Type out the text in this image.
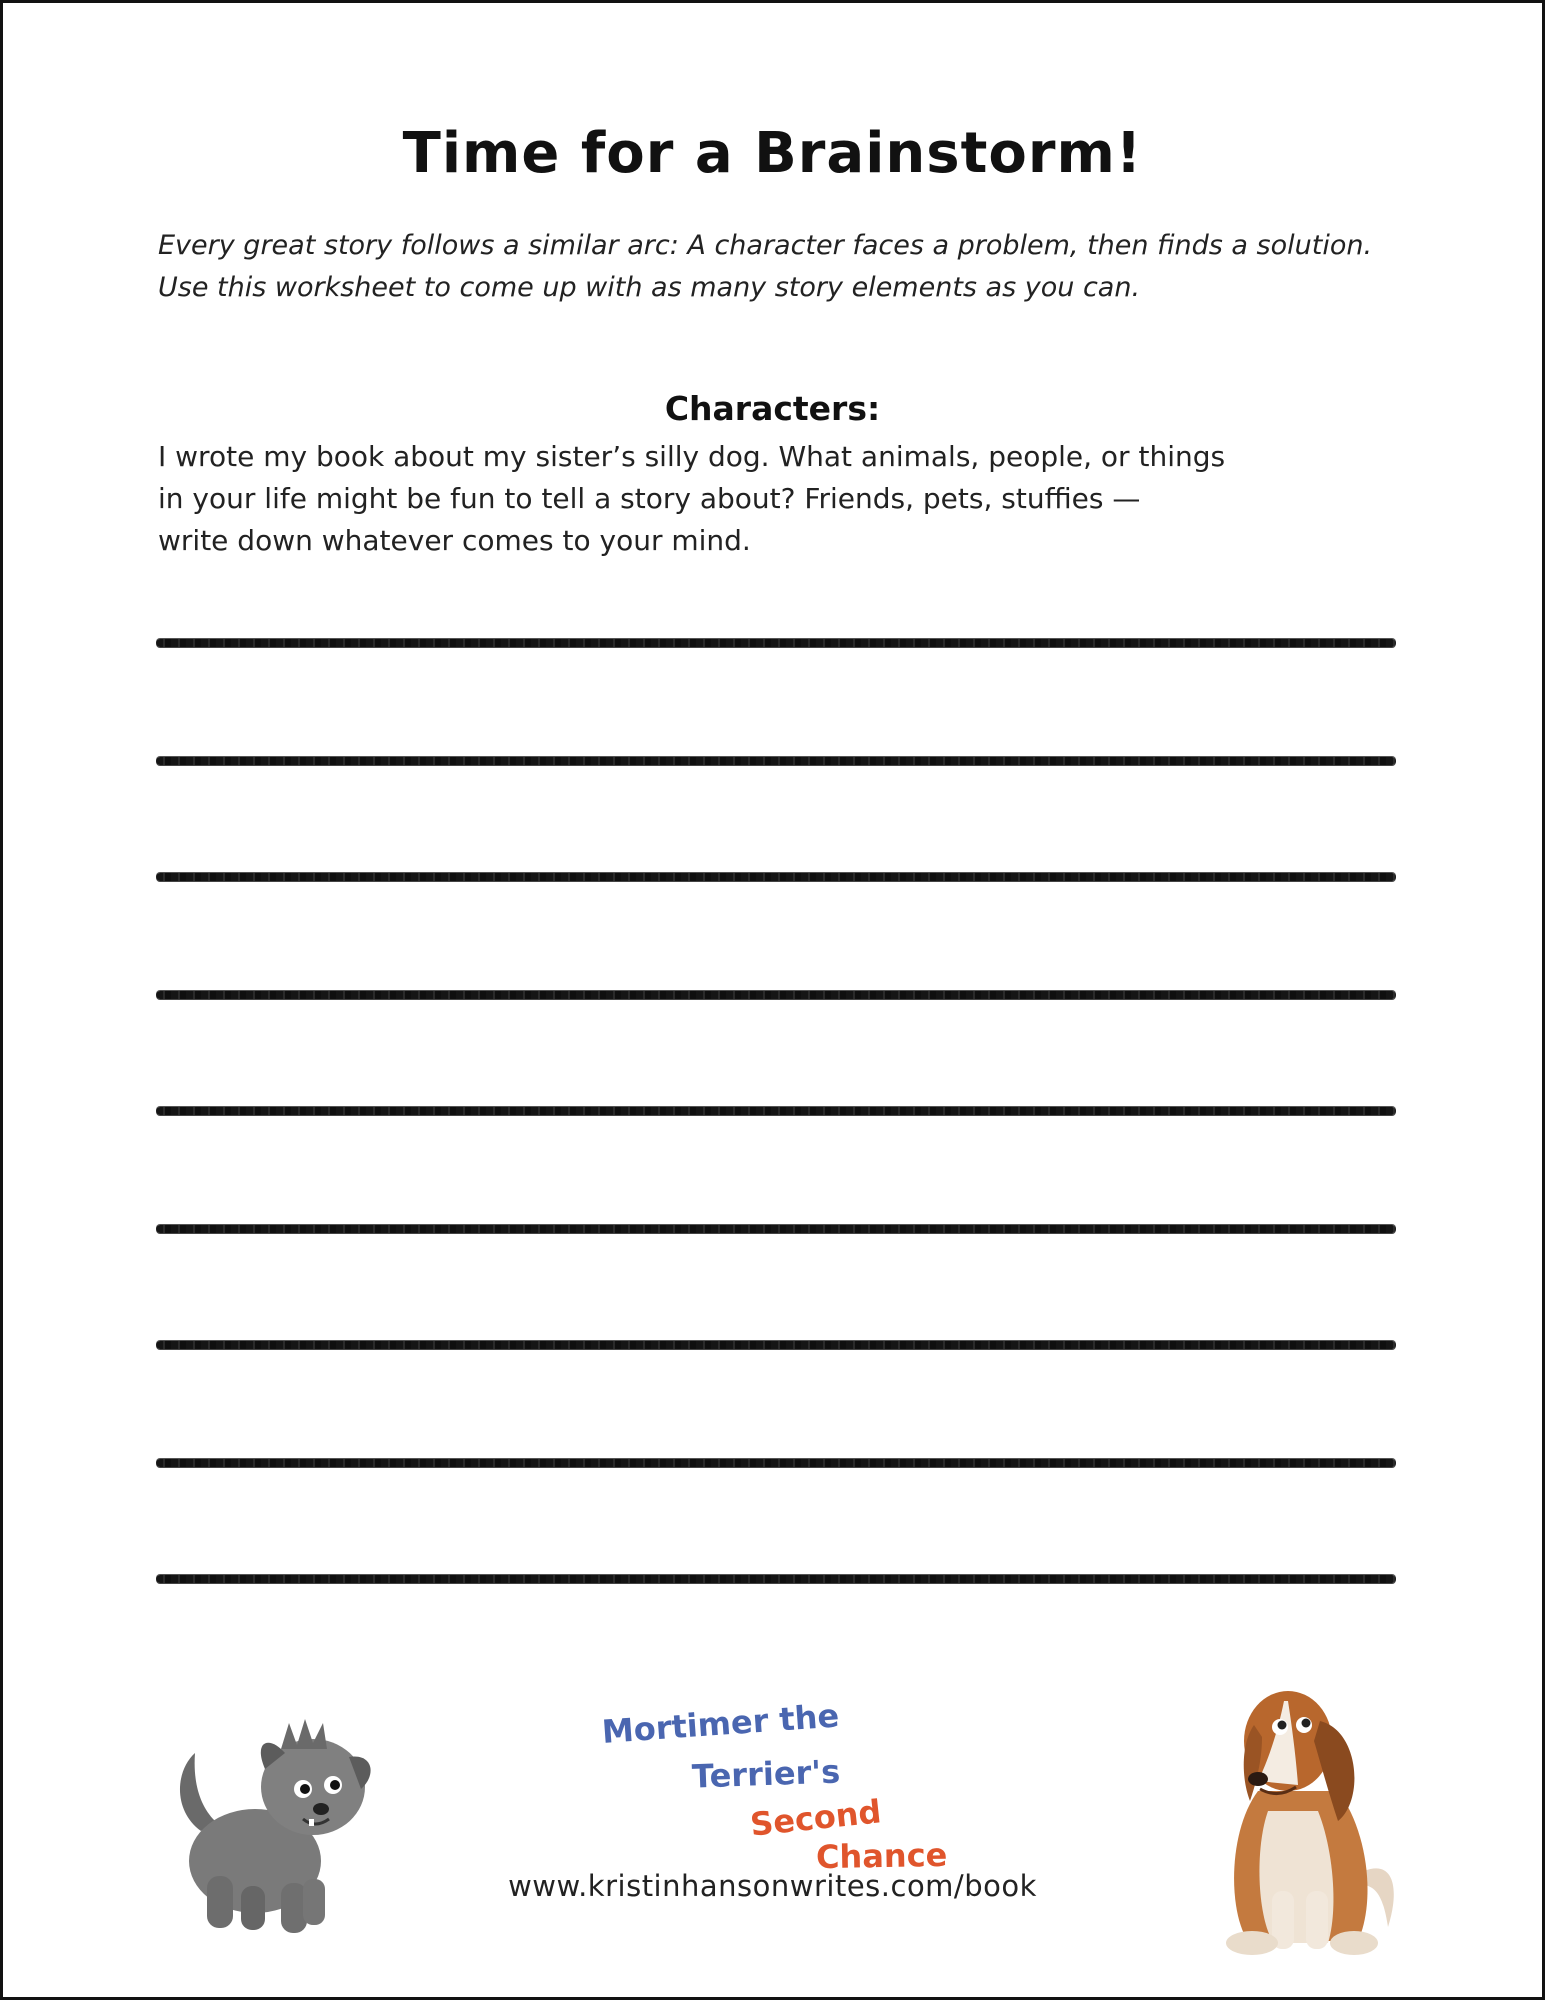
Time for a Brainstorm!

Every great story follows a similar arc: A character faces a problem, then finds a solution. Use this worksheet to come up with as many story elements as you can.

Characters:
I wrote my book about my sister’s silly dog. What animals, people, or things
in your life might be fun to tell a story about? Friends, pets, stuffies —
write down whatever comes to your mind.
Mortimer the
Terrier's
Second
Chance
www.kristinhansonwrites.com/book
